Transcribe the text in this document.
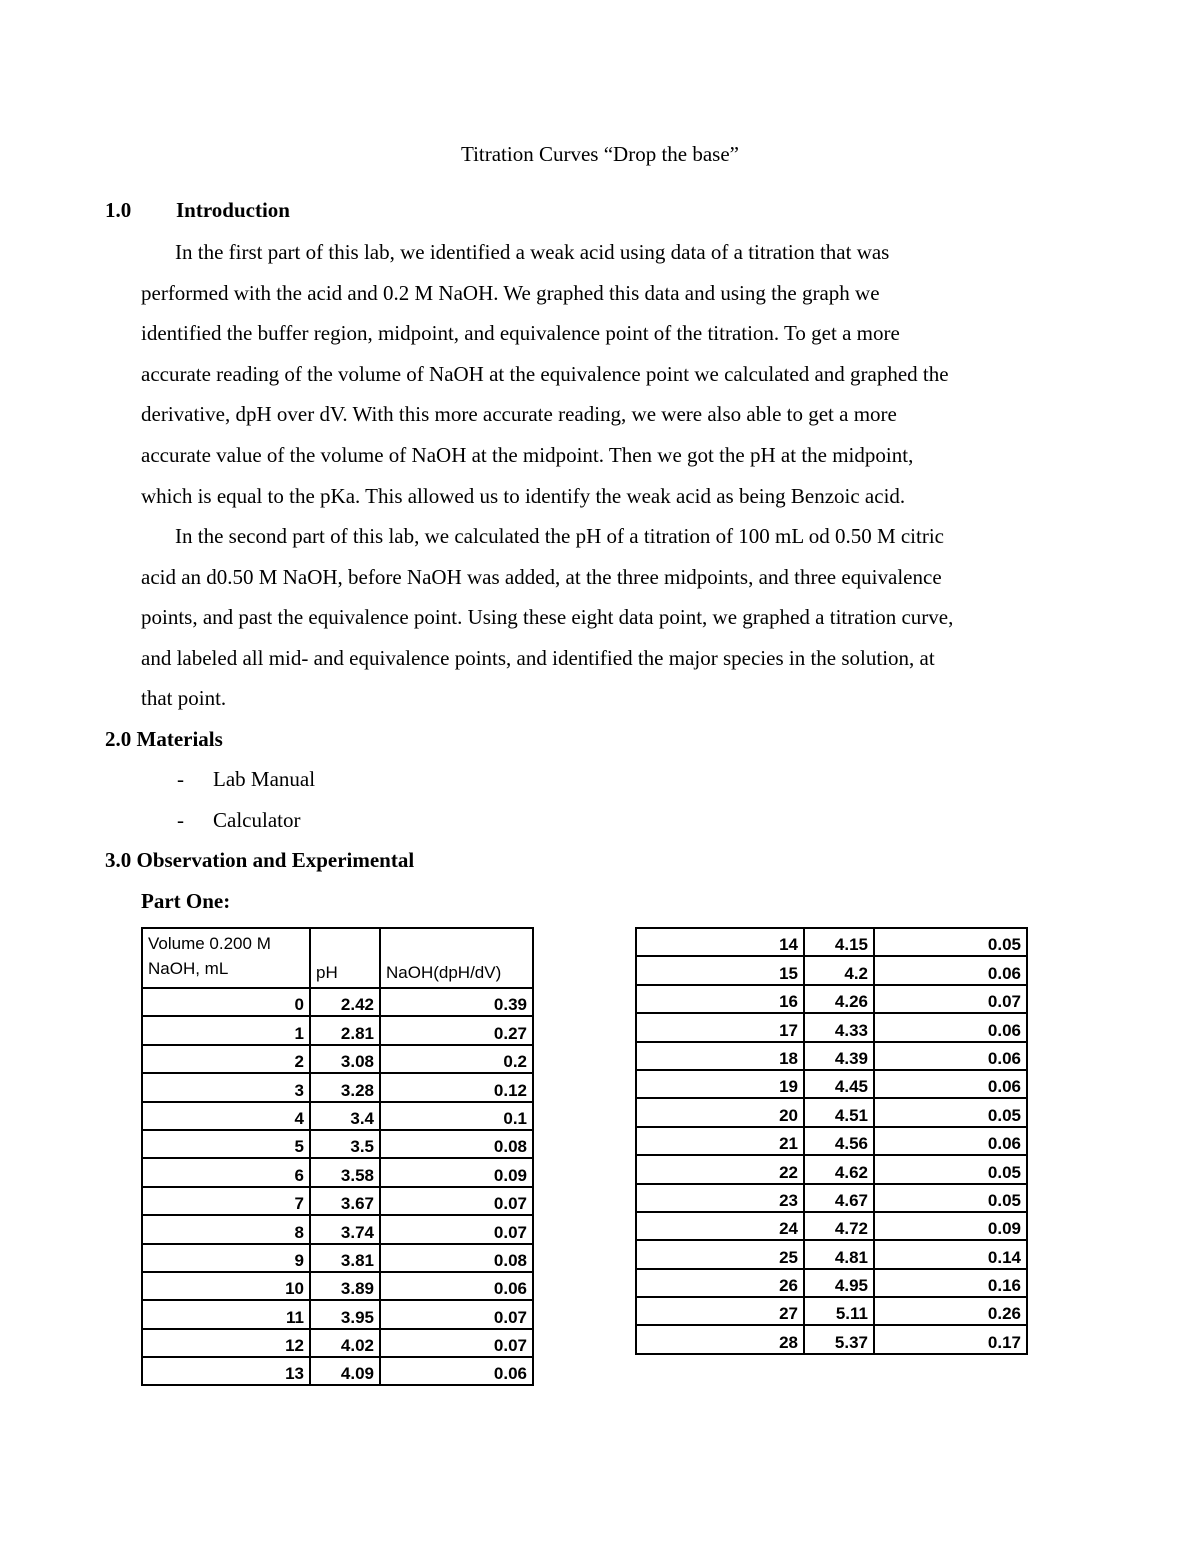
Titration Curves “Drop the base”
1.0 Introduction
In the first part of this lab, we identified a weak acid using data of a titration that was
performed with the acid and 0.2 M NaOH. We graphed this data and using the graph we
identified the buffer region, midpoint, and equivalence point of the titration. To get a more
accurate reading of the volume of NaOH at the equivalence point we calculated and graphed the
derivative, dpH over dV. With this more accurate reading, we were also able to get a more
accurate value of the volume of NaOH at the midpoint. Then we got the pH at the midpoint,
which is equal to the pKa. This allowed us to identify the weak acid as being Benzoic acid.
In the second part of this lab, we calculated the pH of a titration of 100 mL od 0.50 M citric
acid an d0.50 M NaOH, before NaOH was added, at the three midpoints, and three equivalence
points, and past the equivalence point. Using these eight data point, we graphed a titration curve,
and labeled all mid- and equivalence points, and identified the major species in the solution, at
that point.
2.0 Materials
- Lab Manual
- Calculator
3.0 Observation and Experimental
Part One:
Volume 0.200 M NaOH, mL	pH	NaOH(dpH/dV)
0	2.42	0.39
1	2.81	0.27
2	3.08	0.2
3	3.28	0.12
4	3.4	0.1
5	3.5	0.08
6	3.58	0.09
7	3.67	0.07
8	3.74	0.07
9	3.81	0.08
10	3.89	0.06
11	3.95	0.07
12	4.02	0.07
13	4.09	0.06
14	4.15	0.05
15	4.2	0.06
16	4.26	0.07
17	4.33	0.06
18	4.39	0.06
19	4.45	0.06
20	4.51	0.05
21	4.56	0.06
22	4.62	0.05
23	4.67	0.05
24	4.72	0.09
25	4.81	0.14
26	4.95	0.16
27	5.11	0.26
28	5.37	0.17
